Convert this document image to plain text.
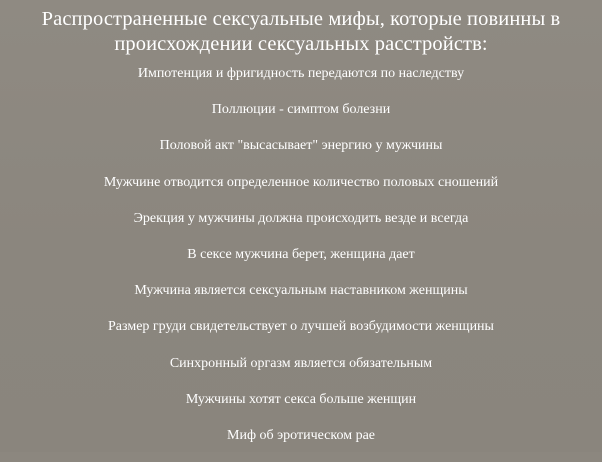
Распространенные сексуальные мифы, которые повинны в
происхождении сексуальных расстройств:
Импотенция и фригидность передаются по наследству
Поллюции - симптом болезни
Половой акт "высасывает" энергию у мужчины
Мужчине отводится определенное количество половых сношений
Эрекция у мужчины должна происходить везде и всегда
В сексе мужчина берет, женщина дает
Мужчина является сексуальным наставником женщины
Размер груди свидетельствует о лучшей возбудимости женщины
Синхронный оргазм является обязательным
Мужчины хотят секса больше женщин
Миф об эротическом рае
